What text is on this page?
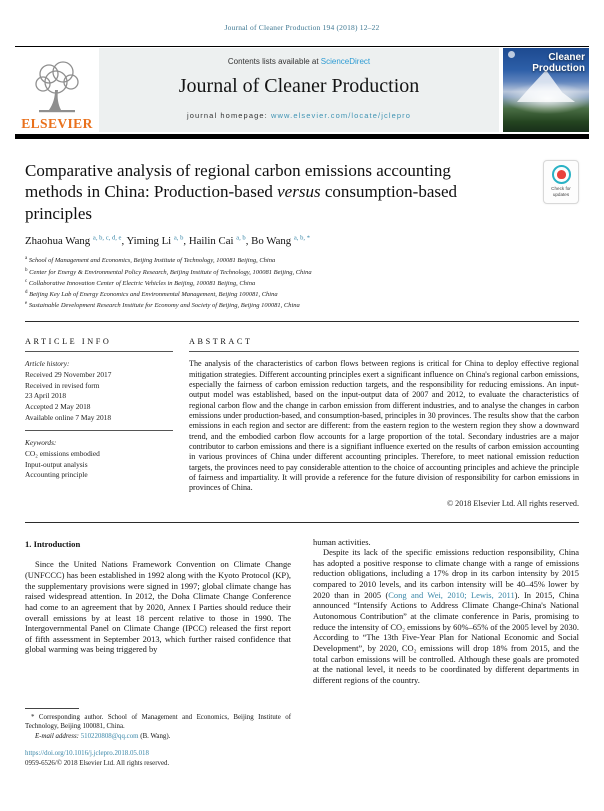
Journal of Cleaner Production 194 (2018) 12–22
ELSEVIER
Contents lists available at ScienceDirect
Journal of Cleaner Production
journal homepage: www.elsevier.com/locate/jclepro
Cleaner
Production
Comparative analysis of regional carbon emissions accounting methods in China: Production-based versus consumption-based principles
Check for
updates
Zhaohua Wang $^{a, b, c, d, e}$, Yiming Li $^{a, b}$, Hailin Cai $^{a, b}$, Bo Wang $^{a, b, *}$
$^a$ School of Management and Economics, Beijing Institute of Technology, 100081 Beijing, China
$^b$ Center for Energy & Environmental Policy Research, Beijing Institute of Technology, 100081 Beijing, China
$^c$ Collaborative Innovation Center of Electric Vehicles in Beijing, 100081 Beijing, China
$^d$ Beijing Key Lab of Energy Economics and Environmental Management, Beijing 100081, China
$^e$ Sustainable Development Research Institute for Economy and Society of Beijing, Beijing 100081, China
ARTICLE INFO
Article history:
Received 29 November 2017
Received in revised form
23 April 2018
Accepted 2 May 2018
Available online 7 May 2018
Keywords:
CO₂ emissions embodied
Input-output analysis
Accounting principle
ABSTRACT
The analysis of the characteristics of carbon flows between regions is critical for China to deploy effective regional mitigation strategies. Different accounting principles exert a significant influence on China's regional carbon emissions, especially the fairness of carbon emission reduction targets, and the responsibility for reducing emissions. An input-output model was established, based on the input-output data of 2007 and 2012, to evaluate the characteristics of regional carbon flow and the change in carbon emission from different industries, and to analyse the changes in carbon emissions under production-based, and consumption-based, principles in 30 provinces. The results show that the carbon emissions in each region and sector are different: from the eastern region to the western region they show a downward trend, and the embodied carbon flow accounts for a large proportion of the total. Secondary industries are a major contributor to carbon emissions and there is a signifiant influence exerted on the results of carbon emission accounting in various provinces of China under different accounting principles. Therefore, to meet national emission reduction targets, the provinces need to pay considerable attention to the choice of accounting principles and achieve the principle of fairness and impartiality. It will provide a reference for the future division of responsibility for carbon emissions in provinces of China.
© 2018 Elsevier Ltd. All rights reserved.
1. Introduction

Since the United Nations Framework Convention on Climate Change (UNFCCC) has been established in 1992 along with the Kyoto Protocol (KP), the supplementary provisions were signed in 1997; global climate change has raised widespread attention. In 2012, the Doha Climate Change Conference had come to an agreement that by 2020, Annex I Parties should reduce their overall emissions by at least 18 percent relative to those in 1990. The Intergovernmental Panel on Climate Change (IPCC) released the first report of fifth assessment in September 2013, which further raised confidence that global warming was being triggered by

* Corresponding author. School of Management and Economics, Beijing Institute of Technology, Beijing 100081, China.

E-mail address: 510220808@qq.com (B. Wang).

https://doi.org/10.1016/j.jclepro.2018.05.018
0959-6526/© 2018 Elsevier Ltd. All rights reserved.

human activities.

Despite its lack of the specific emissions reduction responsibility, China has adopted a positive response to climate change with a range of emissions reduction obligations, including a 17% drop in its carbon intensity by 2015 compared to 2010 levels, and its carbon intensity will be 40–45% lower by 2020 than in 2005 (Cong and Wei, 2010; Lewis, 2011). In 2015, China announced “Intensify Actions to Address Climate Change-China's National Autonomous Contribution” at the climate conference in Paris, promising to reduce the intensity of CO₂ emissions by 60%–65% of the 2005 level by 2030. According to “The 13th Five-Year Plan for National Economic and Social Development”, by 2020, CO₂ emissions will drop 18% from 2015, and the total carbon emissions will be controlled. Although these goals are promoted at the national level, it needs to be coordinated by different departments in different regions of the country.
